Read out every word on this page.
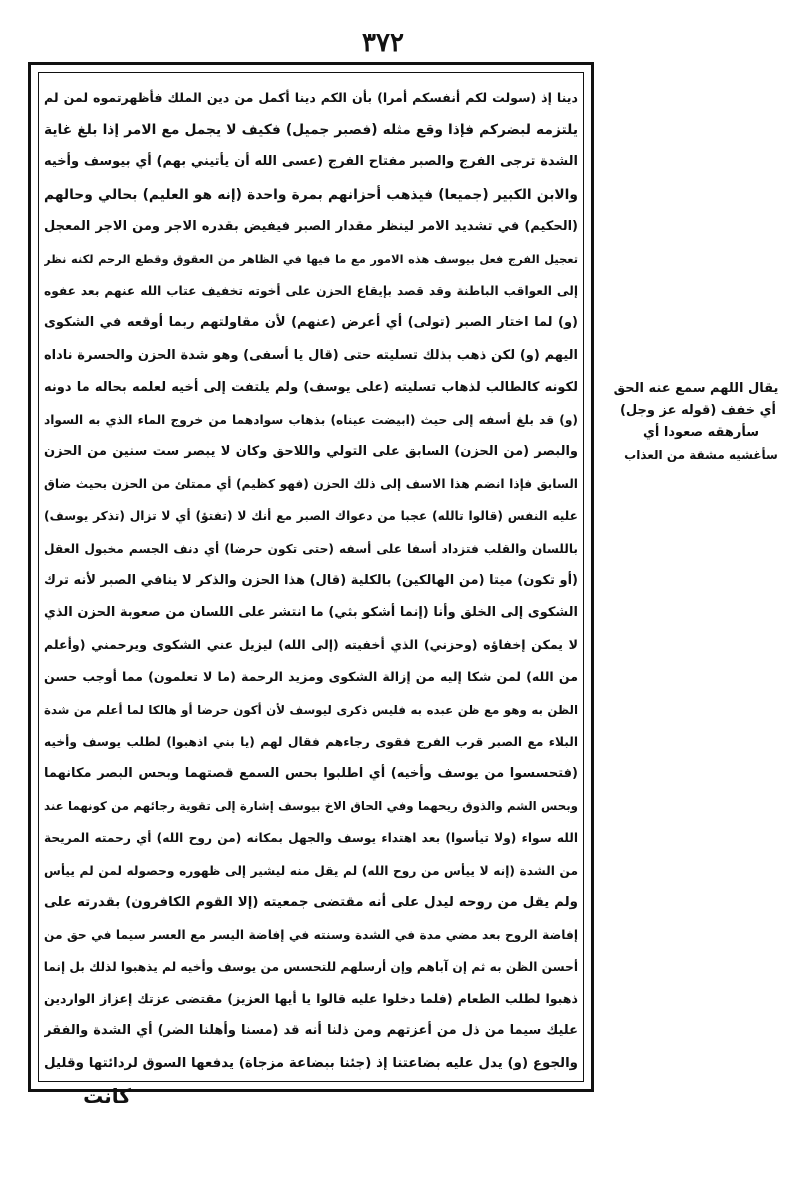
٣٧٢
دينا إذ (سولت لكم أنفسكم أمرا) بأن الكم دينا أكمل من دين الملك فأظهرتموه لمن لم
يلتزمه لبضركم فإذا وقع مثله (فصبر جميل) فكيف لا يجمل مع الامر إذا بلغ غاية
الشدة ترجى الفرج والصبر مفتاح الفرج (عسى الله أن يأتيني بهم) أي بيوسف وأخيه
والابن الكبير (جميعا) فيذهب أحزانهم بمرة واحدة (إنه هو العليم) بحالي وحالهم
(الحكيم) في تشديد الامر لينظر مقدار الصبر فيفيض بقدره الاجر ومن الاجر المعجل
تعجيل الفرج فعل بيوسف هذه الامور مع ما فيها في الظاهر من العقوق وقطع الرحم لكنه نظر
إلى العواقب الباطنة وقد قصد بإيقاع الحزن على أخوته تخفيف عتاب الله عنهم بعد عفوه
(و) لما اختار الصبر (تولى) أي أعرض (عنهم) لأن مقاولتهم ربما أوقعه في الشكوى
اليهم (و) لكن ذهب بذلك تسليته حتى (قال يا أسفى) وهو شدة الحزن والحسرة ناداه
لكونه كالطالب لذهاب تسليته (على يوسف) ولم يلتفت إلى أخيه لعلمه بحاله ما دونه
(و) قد بلغ أسفه إلى حيث (ابيضت عيناه) بذهاب سوادهما من خروج الماء الذي به السواد
والبصر (من الحزن) السابق على التولي واللاحق وكان لا يبصر ست سنين من الحزن
السابق فإذا انضم هذا الاسف إلى ذلك الحزن (فهو كظيم) أي ممتلئ من الحزن بحيث ضاق
عليه النفس (قالوا تالله) عجبا من دعواك الصبر مع أنك لا (تفتؤ) أي لا تزال (تذكر يوسف)
باللسان والقلب فتزداد أسفا على أسفه (حتى تكون حرضا) أي دنف الجسم مخبول العقل
(أو تكون) ميتا (من الهالكين) بالكلية (قال) هذا الحزن والذكر لا ينافي الصبر لأنه ترك
الشكوى إلى الخلق وأنا (إنما أشكو بثي) ما انتشر على اللسان من صعوبة الحزن الذي
لا يمكن إخفاؤه (وحزني) الذي أخفيته (إلى الله) ليزيل عني الشكوى ويرحمني (وأعلم
من الله) لمن شكا إليه من إزالة الشكوى ومزيد الرحمة (ما لا تعلمون) مما أوجب حسن
الظن به وهو مع ظن عبده به فليس ذكرى ليوسف لأن أكون حرضا أو هالكا لما أعلم من شدة
البلاء مع الصبر قرب الفرج فقوى رجاءهم فقال لهم (يا بني اذهبوا) لطلب يوسف وأخيه
(فتحسسوا من يوسف وأخيه) أي اطلبوا بحس السمع قصتهما وبحس البصر مكانهما
وبحس الشم والذوق ريحهما وفي الحاق الاخ بيوسف إشارة إلى تقوية رجائهم من كونهما عند
الله سواء (ولا تيأسوا) بعد اهتداء يوسف والجهل بمكانه (من روح الله) أي رحمته المريحة
من الشدة (إنه لا ييأس من روح الله) لم يقل منه ليشير إلى ظهوره وحصوله لمن لم ييأس
ولم يقل من روحه ليدل على أنه مقتضى جمعيته (إلا القوم الكافرون) بقدرته على
إفاضة الروح بعد مضي مدة في الشدة وسنته في إفاضة اليسر مع العسر سيما في حق من
أحسن الظن به ثم إن آباهم وإن أرسلهم للتحسس من يوسف وأخيه لم يذهبوا لذلك بل إنما
ذهبوا لطلب الطعام (فلما دخلوا عليه قالوا يا أيها العزيز) مقتضى عزتك إعزاز الواردين
عليك سيما من ذل من أعزتهم ومن ذلنا أنه قد (مسنا وأهلنا الضر) أي الشدة والفقر
والجوع (و) يدل عليه بضاعتنا إذ (جئنا ببضاعة مزجاة) يدفعها السوق لردائتها وقليل
يقال اللهم سمع عنه الحق
أي خفف (قوله عز وجل)
سأرهقه صعودا أي
سأغشيه مشقة من العذاب
كانت
